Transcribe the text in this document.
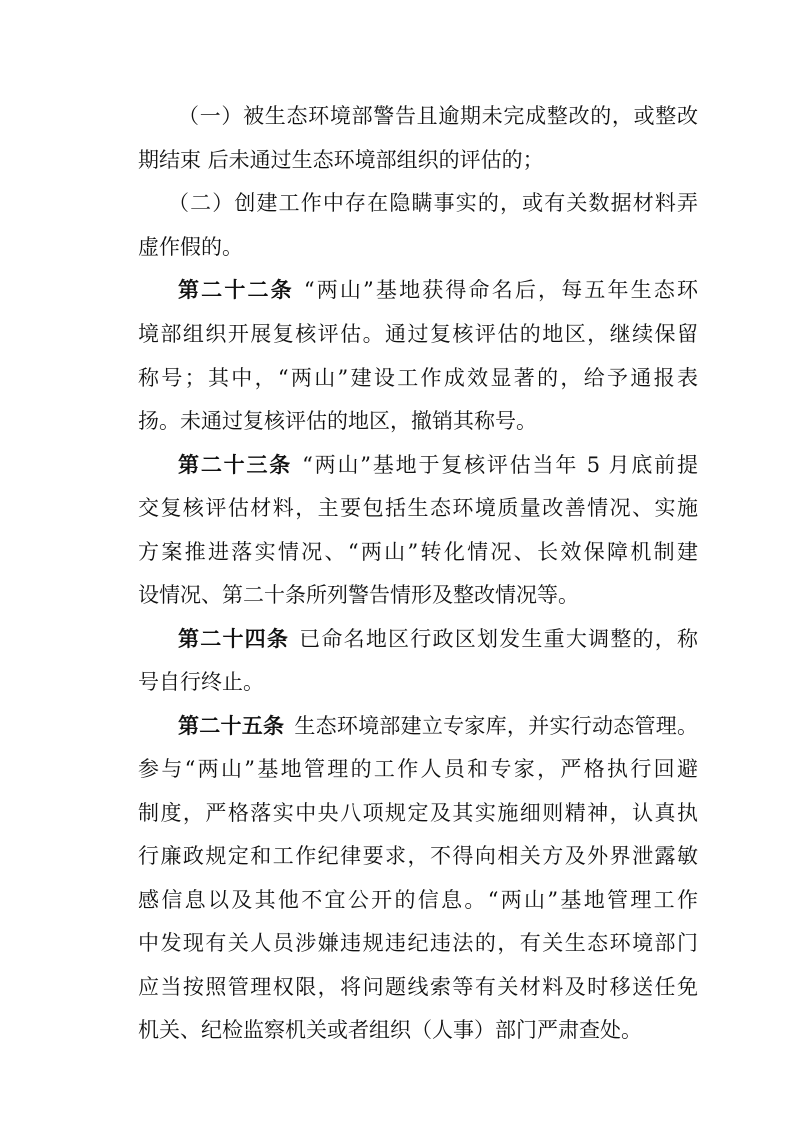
（一）被生态环境部警告且逾期未完成整改的，或整改
期结束 后未通过生态环境部组织的评估的；
（二）创建工作中存在隐瞒事实的，或有关数据材料弄
虚作假的。
第二十二条 “两山”基地获得命名后，每五年生态环
境部组织开展复核评估。通过复核评估的地区，继续保留
称号；其中，“两山”建设工作成效显著的，给予通报表
扬。未通过复核评估的地区，撤销其称号。
第二十三条 “两山”基地于复核评估当年 5 月底前提
交复核评估材料，主要包括生态环境质量改善情况、实施
方案推进落实情况、“两山”转化情况、长效保障机制建
设情况、第二十条所列警告情形及整改情况等。
第二十四条 已命名地区行政区划发生重大调整的，称
号自行终止。
第二十五条 生态环境部建立专家库，并实行动态管理。
参与“两山”基地管理的工作人员和专家，严格执行回避
制度，严格落实中央八项规定及其实施细则精神，认真执
行廉政规定和工作纪律要求，不得向相关方及外界泄露敏
感信息以及其他不宜公开的信息。“两山”基地管理工作
中发现有关人员涉嫌违规违纪违法的，有关生态环境部门
应当按照管理权限，将问题线索等有关材料及时移送任免
机关、纪检监察机关或者组织（人事）部门严肃查处。
